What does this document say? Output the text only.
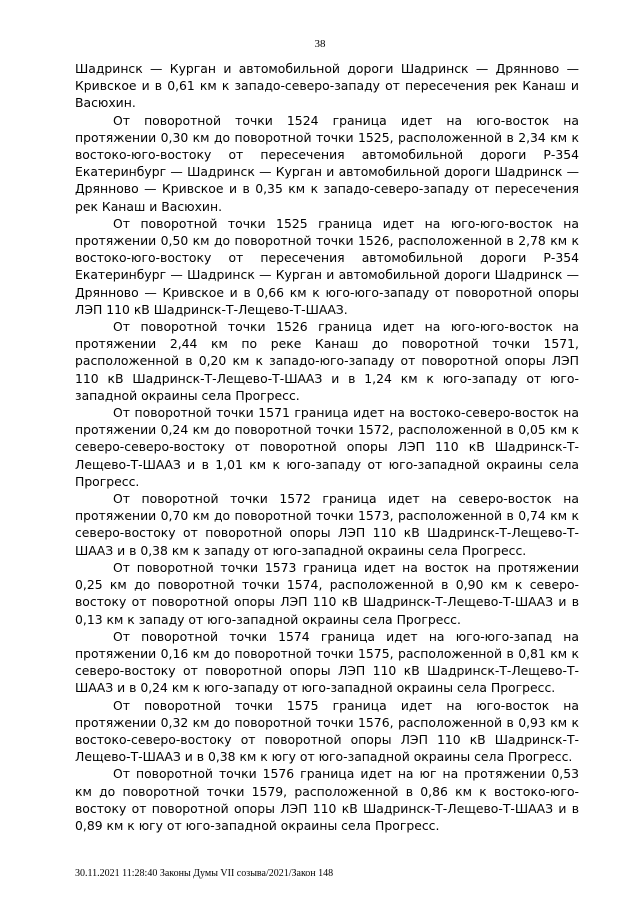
38

Шадринск — Курган и автомобильной дороги Шадринск — Дрянново — Кривское и в 0,61 км к западо-северо-западу от пересечения рек Канаш и Васюхин.

От поворотной точки 1524 граница идет на юго-восток на протяжении 0,30 км до поворотной точки 1525, расположенной в 2,34 км к востоко-юго-востоку от пересечения автомобильной дороги Р-354 Екатеринбург — Шадринск — Курган и автомобильной дороги Шадринск — Дрянново — Кривское и в 0,35 км к западо-северо-западу от пересечения рек Канаш и Васюхин.

От поворотной точки 1525 граница идет на юго-юго-восток на протяжении 0,50 км до поворотной точки 1526, расположенной в 2,78 км к востоко-юго-востоку от пересечения автомобильной дороги Р-354 Екатеринбург — Шадринск — Курган и автомобильной дороги Шадринск — Дрянново — Кривское и в 0,66 км к юго-юго-западу от поворотной опоры ЛЭП 110 кВ Шадринск-Т-Лещево-Т-ШААЗ.

От поворотной точки 1526 граница идет на юго-юго-восток на протяжении 2,44 км по реке Канаш до поворотной точки 1571, расположенной в 0,20 км к западо-юго-западу от поворотной опоры ЛЭП 110 кВ Шадринск-Т-Лещево-Т-ШААЗ и в 1,24 км к юго-западу от юго-западной окраины села Прогресс.

От поворотной точки 1571 граница идет на востоко-северо-восток на протяжении 0,24 км до поворотной точки 1572, расположенной в 0,05 км к северо-северо-востоку от поворотной опоры ЛЭП 110 кВ Шадринск-Т-Лещево-Т-ШААЗ и в 1,01 км к юго-западу от юго-западной окраины села Прогресс.

От поворотной точки 1572 граница идет на северо-восток на протяжении 0,70 км до поворотной точки 1573, расположенной в 0,74 км к северо-востоку от поворотной опоры ЛЭП 110 кВ Шадринск-Т-Лещево-Т-ШААЗ и в 0,38 км к западу от юго-западной окраины села Прогресс.

От поворотной точки 1573 граница идет на восток на протяжении 0,25 км до поворотной точки 1574, расположенной в 0,90 км к северо-востоку от поворотной опоры ЛЭП 110 кВ Шадринск-Т-Лещево-Т-ШААЗ и в 0,13 км к западу от юго-западной окраины села Прогресс.

От поворотной точки 1574 граница идет на юго-юго-запад на протяжении 0,16 км до поворотной точки 1575, расположенной в 0,81 км к северо-востоку от поворотной опоры ЛЭП 110 кВ Шадринск-Т-Лещево-Т-ШААЗ и в 0,24 км к юго-западу от юго-западной окраины села Прогресс.

От поворотной точки 1575 граница идет на юго-восток на протяжении 0,32 км до поворотной точки 1576, расположенной в 0,93 км к востоко-северо-востоку от поворотной опоры ЛЭП 110 кВ Шадринск-Т-Лещево-Т-ШААЗ и в 0,38 км к югу от юго-западной окраины села Прогресс.

От поворотной точки 1576 граница идет на юг на протяжении 0,53 км до поворотной точки 1579, расположенной в 0,86 км к востоко-юго-востоку от поворотной опоры ЛЭП 110 кВ Шадринск-Т-Лещево-Т-ШААЗ и в 0,89 км к югу от юго-западной окраины села Прогресс.

30.11.2021 11:28:40 Законы Думы VII созыва/2021/Закон 148
